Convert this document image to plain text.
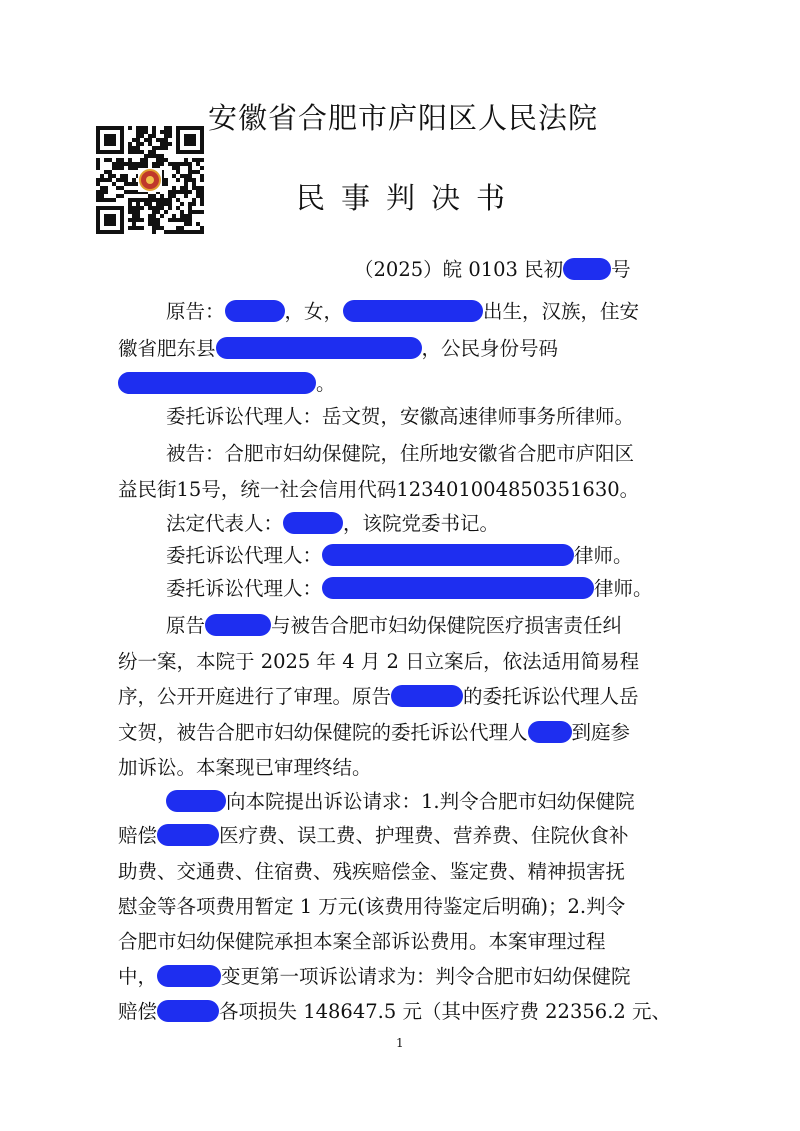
安徽省合肥市庐阳区人民法院
民事判决书
（2025）皖 0103 民初 号
原告：	，女，	出生，汉族，住安
徽省肥东县	，公民身份号码
。
委托诉讼代理人：岳文贺，安徽高速律师事务所律师。
被告：合肥市妇幼保健院，住所地安徽省合肥市庐阳区
益民街15号，统一社会信用代码123401004850351630。
法定代表人：	，该院党委书记。
委托诉讼代理人：	律师。
委托诉讼代理人：	律师。
原告	与被告合肥市妇幼保健院医疗损害责任纠
纷一案，本院于 2025 年 4 月 2 日立案后，依法适用简易程
序，公开开庭进行了审理。原告	的委托诉讼代理人岳
文贺，被告合肥市妇幼保健院的委托诉讼代理人 到庭参
加诉讼。本案现已审理终结。
向本院提出诉讼请求：1.判令合肥市妇幼保健院
赔偿	医疗费、误工费、护理费、营养费、住院伙食补
助费、交通费、住宿费、残疾赔偿金、鉴定费、精神损害抚
慰金等各项费用暂定 1 万元(该费用待鉴定后明确)；2.判令
合肥市妇幼保健院承担本案全部诉讼费用。本案审理过程
中，	变更第一项诉讼请求为：判令合肥市妇幼保健院
赔偿	各项损失 148647.5 元（其中医疗费 22356.2 元、
1
